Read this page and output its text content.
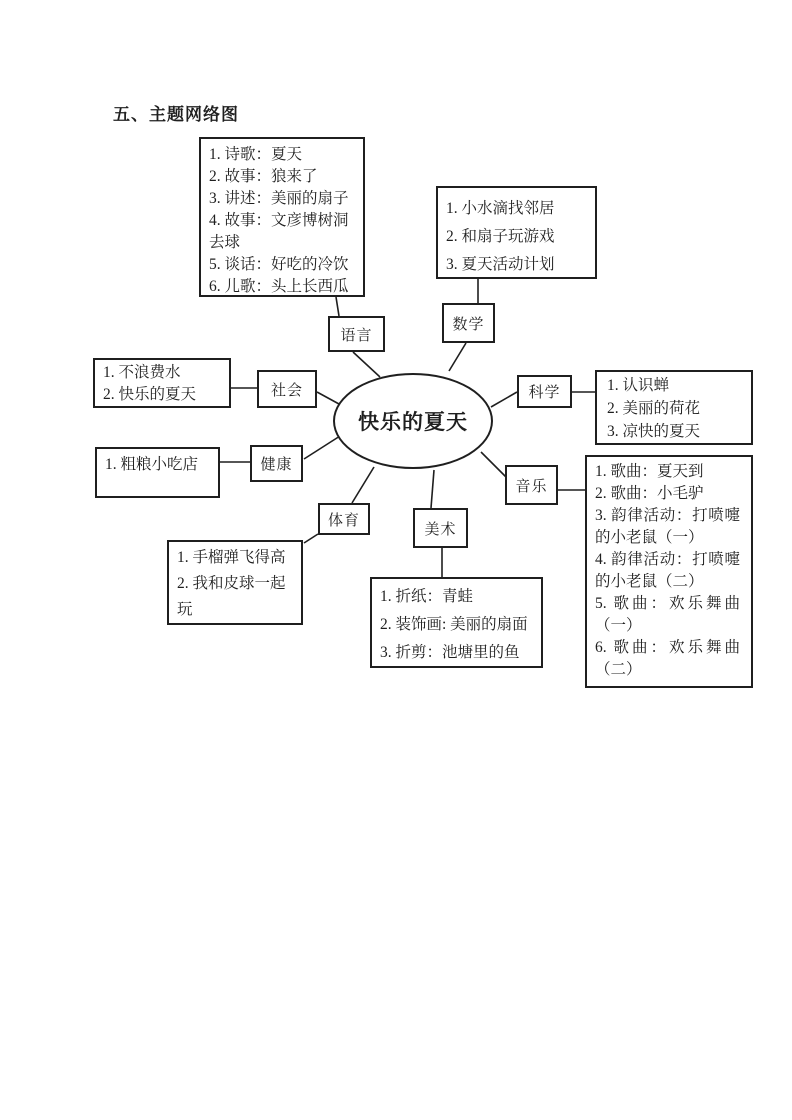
五、主题网络图
快乐的夏天
语言
数学
社会	科学
健康
音乐
体育
美术
1. 诗歌：夏天
2. 故事：狼来了
3. 讲述：美丽的扇子
4. 故事：文彦博树洞去球
5. 谈话：好吃的冷饮
6. 儿歌：头上长西瓜
1. 小水滴找邻居
2. 和扇子玩游戏
3. 夏天活动计划
1. 不浪费水
2. 快乐的夏天
1. 认识蝉
2. 美丽的荷花
3. 凉快的夏天
1. 粗粮小吃店	1. 歌曲：夏天到
2. 歌曲：小毛驴
3. 韵律活动：打喷嚏的小老鼠（一）
4. 韵律活动：打喷嚏的小老鼠（二）
5. 歌曲：欢乐舞曲（一）
6. 歌曲：欢乐舞曲（二）
1. 手榴弹飞得高
2. 我和皮球一起玩
1. 折纸：青蛙
2. 装饰画: 美丽的扇面
3. 折剪：池塘里的鱼
